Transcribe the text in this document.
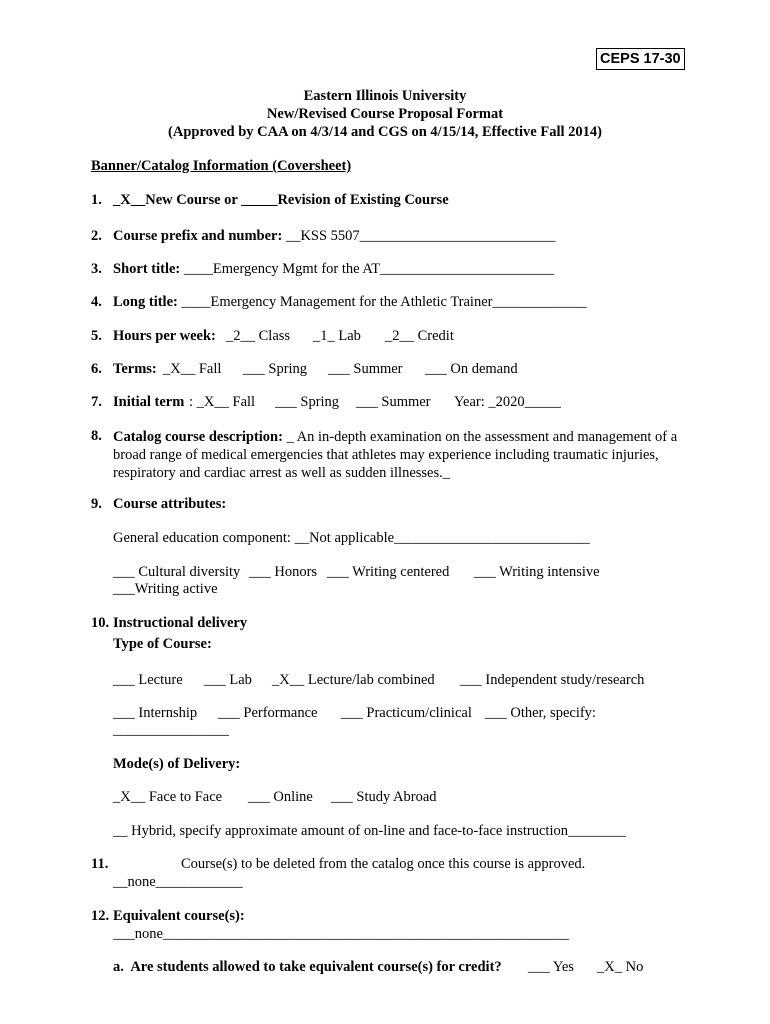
CEPS 17-30
Eastern Illinois University
New/Revised Course Proposal Format
(Approved by CAA on 4/3/14 and CGS on 4/15/14, Effective Fall 2014)
Banner/Catalog Information (Coversheet)
1. _X__New Course or _____Revision of Existing Course
2. Course prefix and number: __KSS 5507___________________________
3. Short title: ____Emergency Mgmt for the AT________________________
4. Long title: ____Emergency Management for the Athletic Trainer_____________
5. Hours per week: _2__ Class _1_ Lab _2__ Credit
6. Terms: _X__ Fall ___ Spring ___ Summer ___ On demand
7. Initial term : _X__ Fall ___ Spring ___ Summer Year: _2020_____
8. Catalog course description: _ An in-depth examination on the assessment and management of a broad range of medical emergencies that athletes may experience including traumatic injuries, respiratory and cardiac arrest as well as sudden illnesses._
9. Course attributes:
General education component: __Not applicable___________________________
___ Cultural diversity ___ Honors ___ Writing centered ___ Writing intensive
___Writing active
10. Instructional delivery
Type of Course:
___ Lecture ___ Lab _X__ Lecture/lab combined ___ Independent study/research
___ Internship ___ Performance ___ Practicum/clinical ___ Other, specify:
________________
Mode(s) of Delivery:
_X__ Face to Face ___ Online ___ Study Abroad
__ Hybrid, specify approximate amount of on-line and face-to-face instruction________
11.	Course(s) to be deleted from the catalog once this course is approved.
__none____________
12. Equivalent course(s):
___none________________________________________________________
a.  Are students allowed to take equivalent course(s) for credit? ___ Yes _X_ No
